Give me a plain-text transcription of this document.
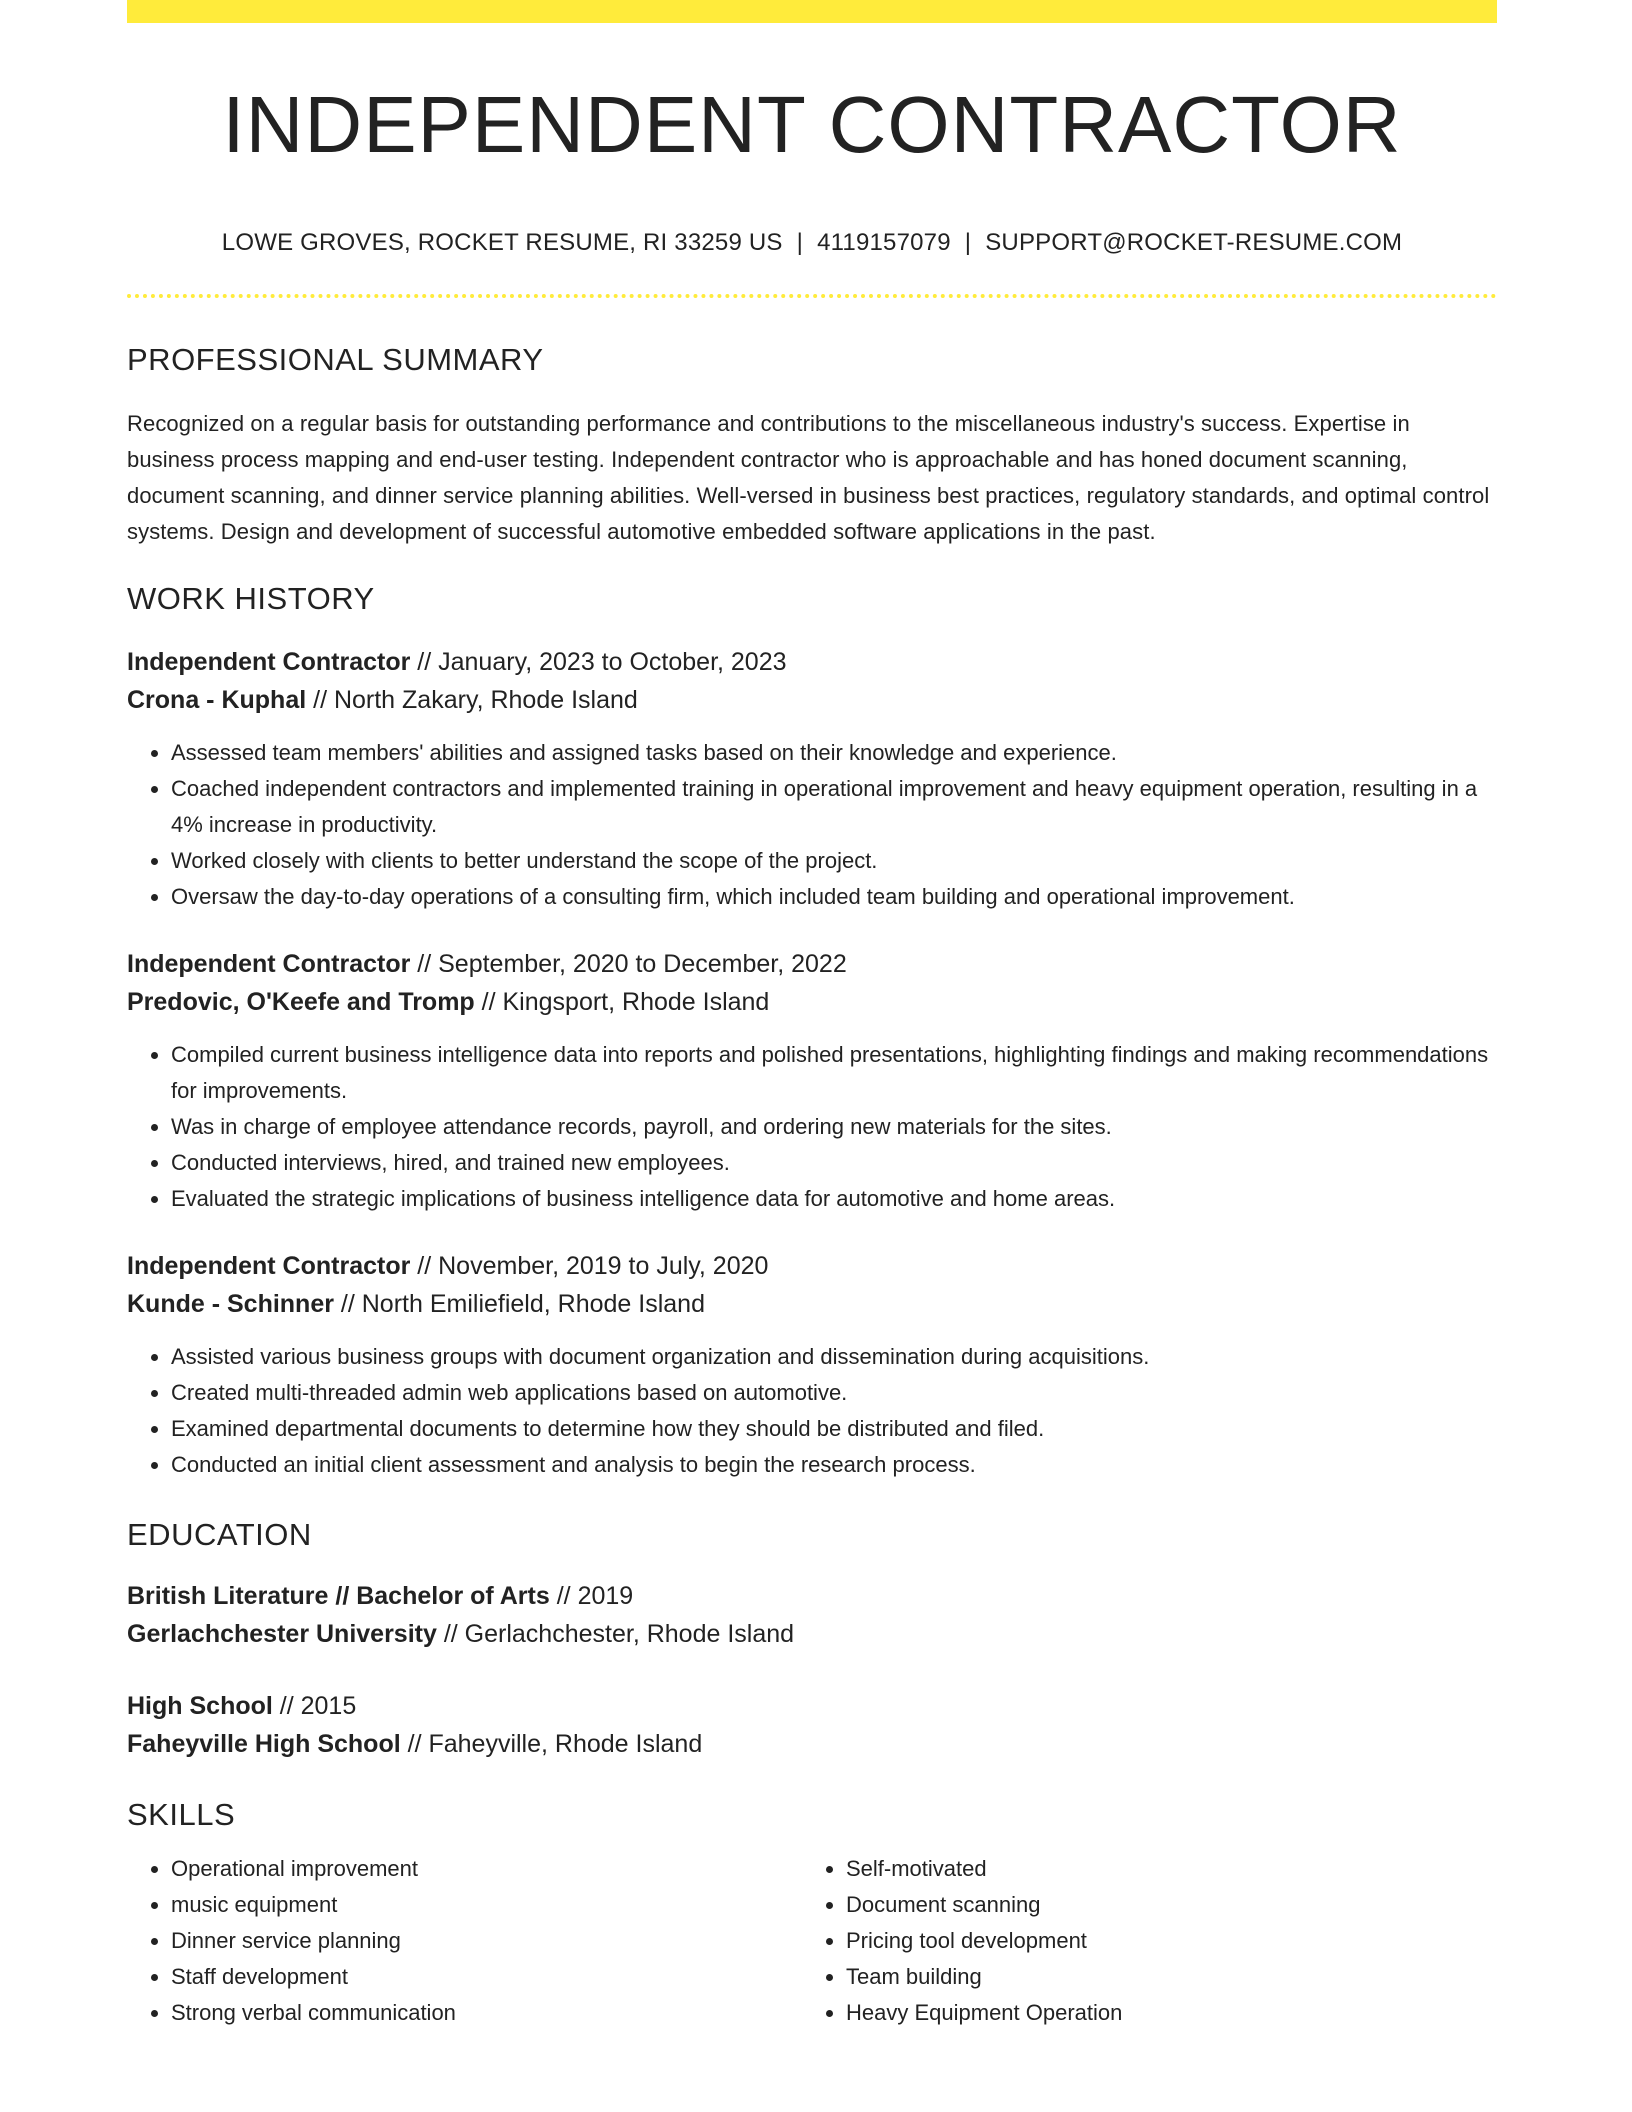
INDEPENDENT CONTRACTOR
LOWE GROVES, ROCKET RESUME, RI 33259 US | 4119157079 | SUPPORT@ROCKET-RESUME.COM
PROFESSIONAL SUMMARY
Recognized on a regular basis for outstanding performance and contributions to the miscellaneous industry's success. Expertise in business process mapping and end-user testing. Independent contractor who is approachable and has honed document scanning, document scanning, and dinner service planning abilities. Well-versed in business best practices, regulatory standards, and optimal control systems. Design and development of successful automotive embedded software applications in the past.
WORK HISTORY
Independent Contractor // January, 2023 to October, 2023
Crona - Kuphal // North Zakary, Rhode Island
• Assessed team members' abilities and assigned tasks based on their knowledge and experience.
• Coached independent contractors and implemented training in operational improvement and heavy equipment operation, resulting in a 4% increase in productivity.
• Worked closely with clients to better understand the scope of the project.
• Oversaw the day-to-day operations of a consulting firm, which included team building and operational improvement.
Independent Contractor // September, 2020 to December, 2022
Predovic, O'Keefe and Tromp // Kingsport, Rhode Island
• Compiled current business intelligence data into reports and polished presentations, highlighting findings and making recommendations for improvements.
• Was in charge of employee attendance records, payroll, and ordering new materials for the sites.
• Conducted interviews, hired, and trained new employees.
• Evaluated the strategic implications of business intelligence data for automotive and home areas.
Independent Contractor // November, 2019 to July, 2020
Kunde - Schinner // North Emiliefield, Rhode Island
• Assisted various business groups with document organization and dissemination during acquisitions.
• Created multi-threaded admin web applications based on automotive.
• Examined departmental documents to determine how they should be distributed and filed.
• Conducted an initial client assessment and analysis to begin the research process.
EDUCATION
British Literature // Bachelor of Arts // 2019
Gerlachchester University // Gerlachchester, Rhode Island
High School // 2015
Faheyville High School // Faheyville, Rhode Island
SKILLS
• Operational improvement
• music equipment
• Dinner service planning
• Staff development
• Strong verbal communication
• Self-motivated
• Document scanning
• Pricing tool development
• Team building
• Heavy Equipment Operation
